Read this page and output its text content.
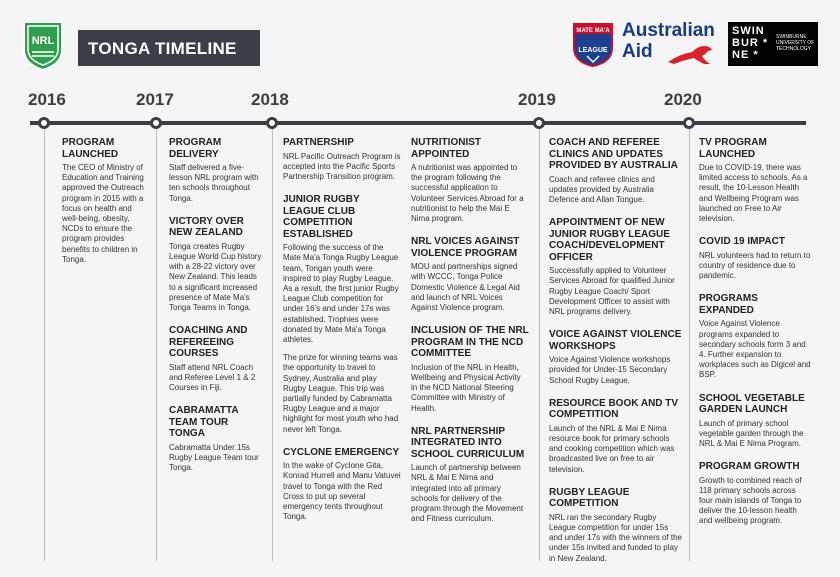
NRL TONGA TIMELINE
MATE MA'A
LEAGUE
Australian
Aid
SWIN BUR * NE *
SWINBURNE UNIVERSITY OF TECHNOLOGY
2016	2017	2018	2019	2020
PROGRAM LAUNCHED
The CEO of Ministry of Education and Training approved the Outreach program in 2015 with a focus on health and well-being, obesity, NCDs to ensure the program provides benefits to children in Tonga.
PROGRAM DELIVERY
Staff delivered a five-lesson NRL program with ten schools throughout Tonga.
VICTORY OVER NEW ZEALAND
Tonga creates Rugby League World Cup history with a 28-22 victory over New Zealand. This leads to a significant increased presence of Mate Ma's Tonga Teams in Tonga.
COACHING AND REFEREEING COURSES
Staff attend NRL Coach and Referee Level 1 & 2 Courses in Fiji.
CABRAMATTA TEAM TOUR TONGA
Cabramatta Under 15s Rugby League Team tour Tonga.
PARTNERSHIP
NRL Pacific Outreach Program is accepted into the Pacific Sports Partnership Transition program.
JUNIOR RUGBY LEAGUE CLUB COMPETITION ESTABLISHED
Following the success of the Mate Ma'a Tonga Rugby League team, Tongan youth were inspired to play Rugby League. As a result, the first junior Rugby League Club competition for under 16's and under 17s was established. Trophies were donated by Mate Ma'a Tonga athletes.
The prize for winning teams was the opportunity to travel to Sydney, Australia and play Rugby League. This trip was partially funded by Cabramatta Rugby League and a major highlight for most youth who had never left Tonga.
CYCLONE EMERGENCY
In the wake of Cyclone Gita, Konrad Hurrell and Manu Vatuvei travel to Tonga with the Red Cross to put up several emergency tents throughout Tonga.
NUTRITIONIST APPOINTED
A nutritionist was appointed to the program following the successful application to Volunteer Services Abroad for a nutritionist to help the Mai E Nima program.
NRL VOICES AGAINST VIOLENCE PROGRAM
MOU and partnerships signed with WCCC, Tonga Police Domestic Violence & Legal Aid and launch of NRL Voices Against Violence program.
INCLUSION OF THE NRL PROGRAM IN THE NCD COMMITTEE
Inclusion of the NRL in Health, Wellbeing and Physical Activity in the NCD National Steering Committee with Ministry of Health.
NRL PARTNERSHIP INTEGRATED INTO SCHOOL CURRICULUM
Launch of partnership between NRL & Mai E Nima and integrated into all primary schools for delivery of the program through the Movement and Fitness curriculum.
COACH AND REFEREE CLINICS AND UPDATES PROVIDED BY AUSTRALIA
Coach and referee clinics and updates provided by Australia Defence and Allan Tongue.
APPOINTMENT OF NEW JUNIOR RUGBY LEAGUE COACH/DEVELOPMENT OFFICER
Successfully applied to Volunteer Services Abroad for qualified Junior Rugby League Coach/ Sport Development Officer to assist with NRL programs delivery.
VOICE AGAINST VIOLENCE WORKSHOPS
Voice Against Violence workshops provided for Under-15 Secondary School Rugby League.
RESOURCE BOOK AND TV COMPETITION
Launch of the NRL & Mai E Nima resource book for primary schools and cooking competition which was broadcasted live on free to air television.
RUGBY LEAGUE COMPETITION
NRL ran the secondary Rugby League competition for under 15s and under 17s with the winners of the under 15s invited and funded to play in New Zealand.
TV PROGRAM LAUNCHED
Due to COVID-19, there was limited access to schools. As a result, the 10-Lesson Health and Wellbeing Program was launched on Free to Air television.
COVID 19 IMPACT
NRL volunteers had to return to country of residence due to pandemic.
PROGRAMS EXPANDED
Voice Against Violence programs expanded to secondary schools form 3 and 4. Further expansion to workplaces such as Digicel and BSP.
SCHOOL VEGETABLE GARDEN LAUNCH
Launch of primary school vegetable garden through the NRL & Mai E Nima Program.
PROGRAM GROWTH
Growth to combined reach of 118 primary schools across four main islands of Tonga to deliver the 10-lesson health and wellbeing program.
